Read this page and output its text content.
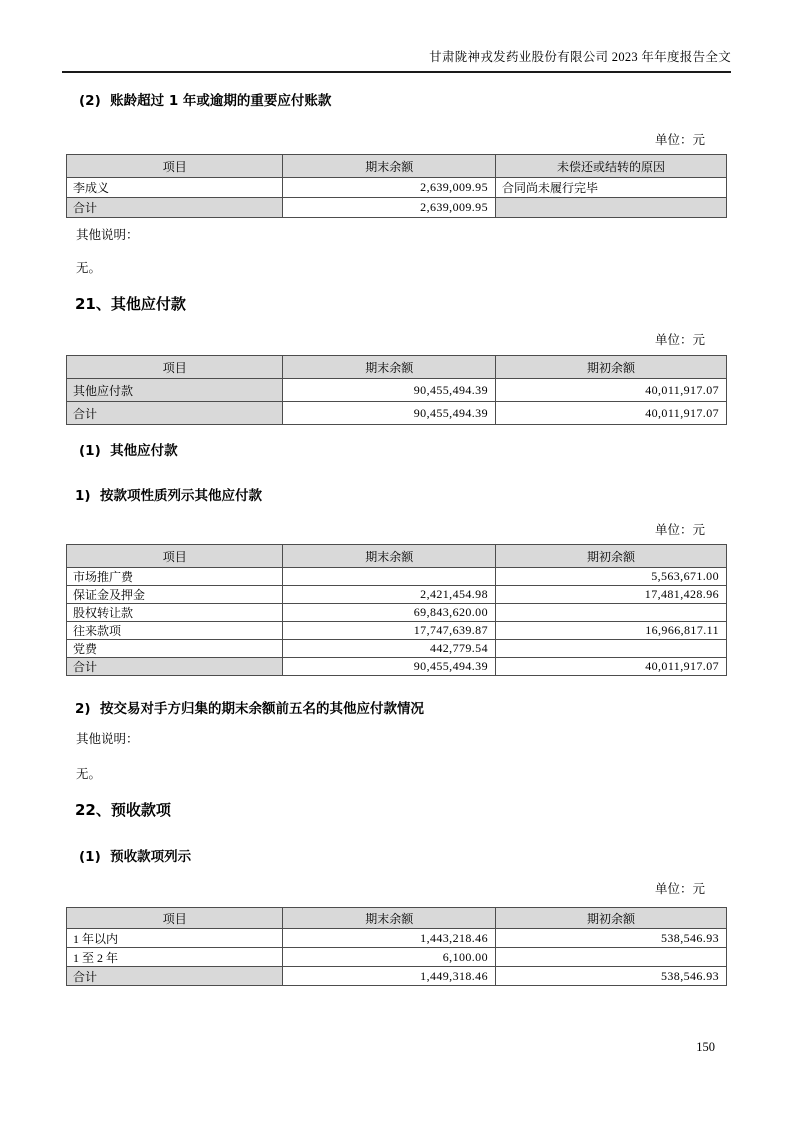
甘肃陇神戎发药业股份有限公司 2023 年年度报告全文
(2)  账龄超过 1 年或逾期的重要应付账款
单位：元
项目	期末余额	未偿还或结转的原因
李成义	2,639,009.95	合同尚未履行完毕
合计	2,639,009.95	

其他说明：

无。

21、其他应付款
单位：元
项目	期末余额	期初余额
其他应付款	90,455,494.39	40,011,917.07
合计	90,455,494.39	40,011,917.07
(1)  其他应付款
1)  按款项性质列示其他应付款
单位：元
项目	期末余额	期初余额
市场推广费		5,563,671.00
保证金及押金	2,421,454.98	17,481,428.96
股权转让款	69,843,620.00	
往来款项	17,747,639.87	16,966,817.11
党费	442,779.54	
合计	90,455,494.39	40,011,917.07
2)  按交易对手方归集的期末余额前五名的其他应付款情况

其他说明：

无。

22、预收款项
(1)  预收款项列示
单位：元
项目	期末余额	期初余额
1 年以内	1,443,218.46	538,546.93
1 至 2 年	6,100.00	
合计	1,449,318.46	538,546.93
150
